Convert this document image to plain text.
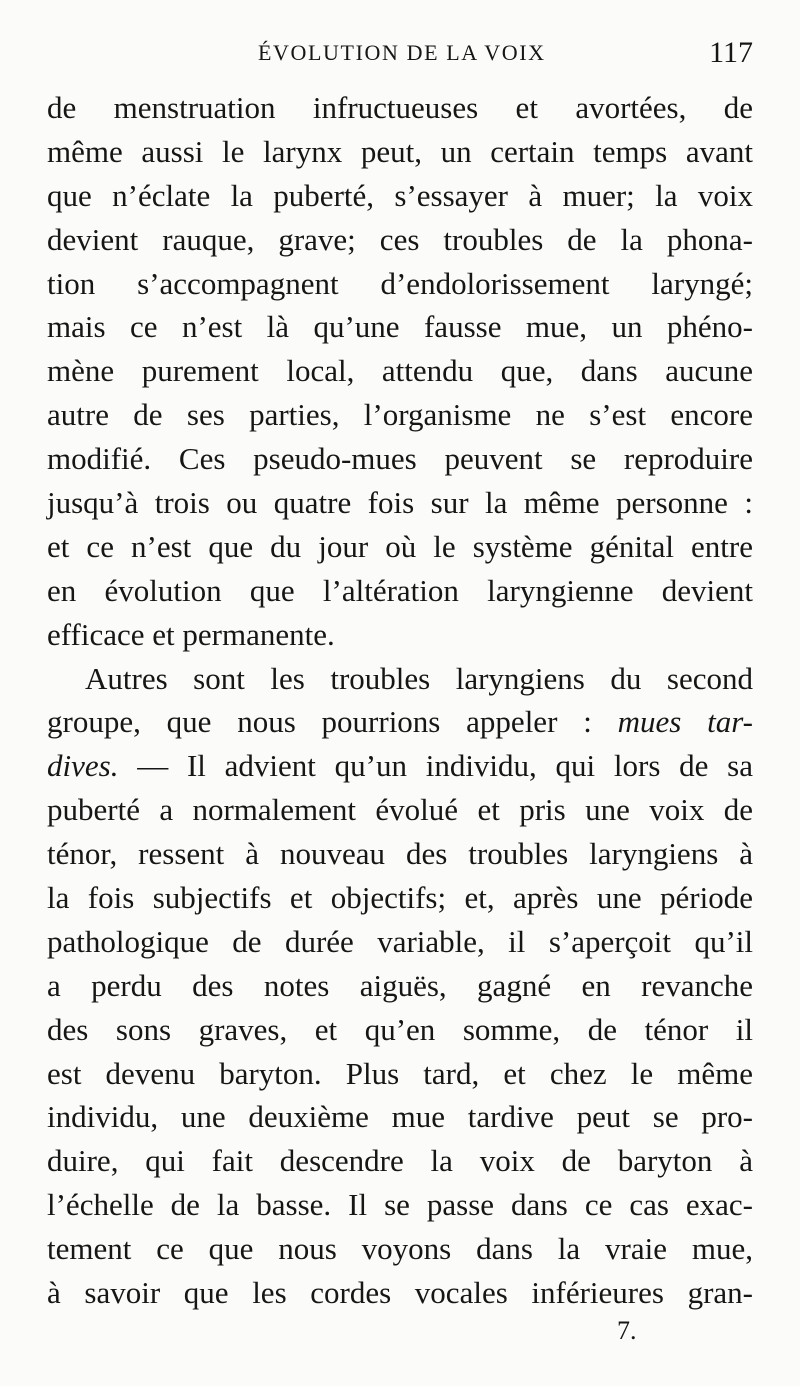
ÉVOLUTION DE LA VOIX	117
de menstruation infructueuses et avortées, de
même aussi le larynx peut, un certain temps avant
que n’éclate la puberté, s’essayer à muer; la voix
devient rauque, grave; ces troubles de la phona-
tion s’accompagnent d’endolorissement laryngé;
mais ce n’est là qu’une fausse mue, un phéno-
mène purement local, attendu que, dans aucune
autre de ses parties, l’organisme ne s’est encore
modifié. Ces pseudo-mues peuvent se reproduire
jusqu’à trois ou quatre fois sur la même personne :
et ce n’est que du jour où le système génital entre
en évolution que l’altération laryngienne devient
efficace et permanente.
Autres sont les troubles laryngiens du second
groupe, que nous pourrions appeler : mues tar-
dives. — Il advient qu’un individu, qui lors de sa
puberté a normalement évolué et pris une voix de
ténor, ressent à nouveau des troubles laryngiens à
la fois subjectifs et objectifs; et, après une période
pathologique de durée variable, il s’aperçoit qu’il
a perdu des notes aiguës, gagné en revanche
des sons graves, et qu’en somme, de ténor il
est devenu baryton. Plus tard, et chez le même
individu, une deuxième mue tardive peut se pro-
duire, qui fait descendre la voix de baryton à
l’échelle de la basse. Il se passe dans ce cas exac-
tement ce que nous voyons dans la vraie mue,
à savoir que les cordes vocales inférieures gran-
7.
